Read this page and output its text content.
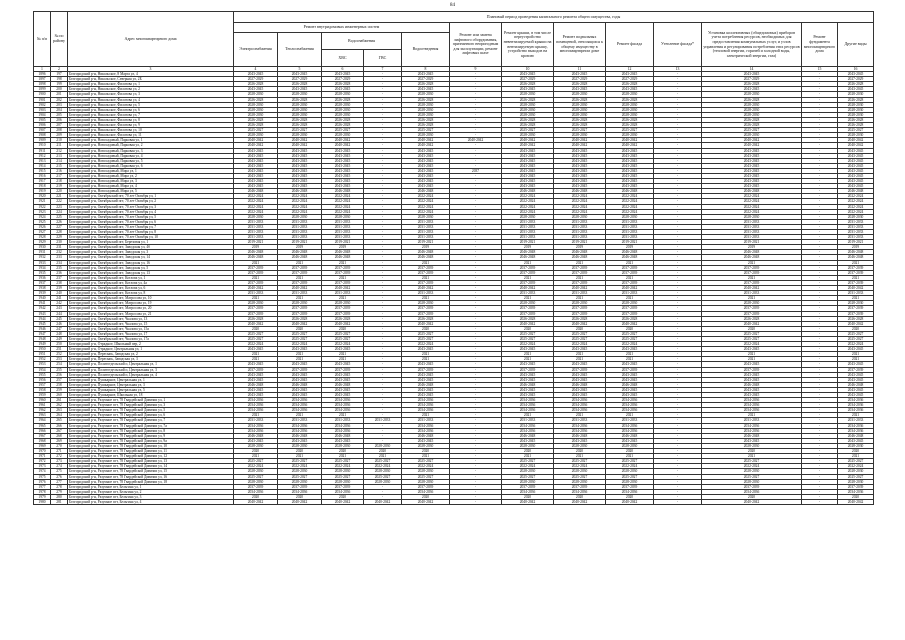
84
№ п/п	№ по району	Адрес многоквартирного дома	Плановый период проведения капитального ремонта общего имущества, годы												
			Ремонт внутридомовых инженерных систем					Ремонт или замена лифтового оборудования, признанного непригодным для эксплуатации, ремонт лифтовых шахт	Ремонт крыши, в том числе переустройство невентилируемой крыши на вентилируемую крышу, устройство выходов на кровлю	Ремонт подвальных помещений, относящихся к общему имуществу в многоквартирном доме	Ремонт фасада	Утепление фасада*	Установка коллективных (общедомовых) приборов учета потребления ресурсов, необходимых для предоставления коммунальных услуг, и узлов управления и регулирования потребления этих ресурсов (тепловой энергии, горячей и холодной воды, электрической энергии, газа)	Ремонт фундамента многоквартирного дома	Другие виды
			Электроснабжения	Теплоснабжения	Водоснабжения		Водоотведения								
					ХВС	ГВС									
1	2	3	4	5	6	7	8	9	10	11	12	13	14	15	16
1896	197	Белгородский р-н, Никольское, 8 Марта ул, 4	2043-2045	2043-2045	2043-2045	-	2043-2045	-	2043-2045	2043-2045	2043-2045	-	2043-2045	-	2043-2045
1897	198	Белгородский р-н, Никольское, Северная ул, 2Б	2027-2029	2027-2029	2027-2029	-	2027-2029	-	2027-2029	2027-2029	2027-2029	-	2027-2029	-	2027-2029
1898	199	Белгородский р-н, Никольское, Филатова ул, 1	2026-2028	2026-2028	2026-2028	-	2026-2028	-	2026-2028	2026-2028	2026-2028	-	2026-2028	-	2026-2028
1899	200	Белгородский р-н, Никольское, Филатова ул, 2	2043-2045	2043-2045	2043-2045	-	2043-2045	-	2043-2045	2043-2045	2043-2045	-	2043-2045	-	2043-2045
1900	201	Белгородский р-н, Никольское, Филатова ул, 3	2028-2030	2028-2030	2028-2030	-	2028-2030	-	2028-2030	2028-2030	2028-2030	-	2028-2030	-	2028-2030
1901	202	Белгородский р-н, Никольское, Филатова ул, 4	2026-2028	2026-2028	2026-2028	-	2026-2028	-	2026-2028	2026-2028	2026-2028	-	2026-2028	-	2026-2028
1902	203	Белгородский р-н, Никольское, Филатова ул, 5	2028-2030	2028-2030	2028-2030	-	2028-2030	-	2028-2030	2028-2030	2028-2030	-	2028-2030	-	2028-2030
1903	204	Белгородский р-н, Никольское, Филатова ул, 6	2028-2030	2028-2030	2028-2030	-	2028-2030	-	2028-2030	2028-2030	2028-2030	-	2028-2030	-	2028-2030
1904	205	Белгородский р-н, Никольское, Филатова ул, 7	2028-2030	2028-2030	2028-2030	-	2028-2030	-	2028-2030	2028-2030	2028-2030	-	2028-2030	-	2028-2030
1905	206	Белгородский р-н, Никольское, Филатова ул, 8	2026-2028	2026-2028	2026-2028	-	2026-2028	-	2026-2028	2026-2028	2026-2028	-	2026-2028	-	2026-2028
1906	207	Белгородский р-н, Никольское, Филатова ул, 9	2026-2028	2026-2028	2026-2028	-	2026-2028	-	2026-2028	2026-2028	2026-2028	-	2026-2028	-	2026-2028
1907	208	Белгородский р-н, Никольское, Филатова ул, 10	2025-2027	2025-2027	2025-2027	-	2025-2027	-	2025-2027	2025-2027	2025-2027	-	2025-2027	-	2025-2027
1908	209	Белгородский р-н, Никольское, Филатова ул, 11	2028-2030	2028-2030	2028-2030	-	2028-2030	-	2028-2030	2028-2030	2028-2030	-	2028-2030	-	2028-2030
1909	210	Белгородский р-н, Новосадовый, Парковая ул, 1	2040-2042	2040-2042	2040-2042	-	2040-2042	2040-2042	2040-2042	2040-2042	2040-2042	-	2040-2042	-	2040-2042
1910	211	Белгородский р-н, Новосадовый, Парковая ул, 2	2040-2042	2040-2042	2040-2042	-	2040-2042	-	2040-2042	2040-2042	2040-2042	-	2040-2042	-	2040-2042
1911	212	Белгородский р-н, Новосадовый, Парковая ул, 3	2043-2045	2043-2045	2043-2045	-	2043-2045	-	2043-2045	2043-2045	2043-2045	-	2043-2045	-	2043-2045
1912	213	Белгородский р-н, Новосадовый, Парковая ул, 4	2043-2045	2043-2045	2043-2045	-	2043-2045	-	2043-2045	2043-2045	2043-2045	-	2043-2045	-	2043-2045
1913	214	Белгородский р-н, Новосадовый, Парковая ул, 5	2043-2045	2043-2045	2043-2045	-	2043-2045	-	2043-2045	2043-2045	2043-2045	-	2043-2045	-	2043-2045
1914	215	Белгородский р-н, Новосадовый, Парковая ул, 6	2043-2045	2043-2045	2043-2045	-	2043-2045	-	2043-2045	2043-2045	2043-2045	-	2043-2045	-	2043-2045
1915	216	Белгородский р-н, Новосадовый, Мира ул, 1	2043-2045	2043-2045	2043-2045	-	2043-2045	2037	2043-2045	2043-2045	2043-2045	-	2043-2045	-	2043-2045
1916	217	Белгородский р-н, Новосадовый, Мира ул, 2	2043-2045	2043-2045	2043-2045	-	2043-2045	-	2043-2045	2043-2045	2043-2045	-	2043-2045	-	2043-2045
1917	218	Белгородский р-н, Новосадовый, Мира ул, 3	2043-2045	2043-2045	2043-2045	-	2043-2045	-	2043-2045	2043-2045	2043-2045	-	2043-2045	-	2043-2045
1918	219	Белгородский р-н, Новосадовый, Мира ул, 4	2043-2045	2043-2045	2043-2045	-	2043-2045	-	2043-2045	2043-2045	2043-2045	-	2043-2045	-	2043-2045
1919	220	Белгородский р-н, Новосадовый, Мира ул, 5	2046-2048	2046-2048	2046-2048	-	2046-2048	-	2046-2048	2046-2048	2046-2048	-	2046-2048	-	2046-2048
1920	221	Белгородский р-н, Октябрьский пгт, 70 лет Октября ул, 1	2022-2024	2022-2024	2022-2024	-	2022-2024	-	2022-2024	2022-2024	2022-2024	-	2022-2024	-	2022-2024
1921	222	Белгородский р-н, Октябрьский пгт, 70 лет Октября ул, 2	2022-2024	2022-2024	2022-2024	-	2022-2024	-	2022-2024	2022-2024	2022-2024	-	2022-2024	-	2022-2024
1922	223	Белгородский р-н, Октябрьский пгт, 70 лет Октября ул, 3	2022-2024	2022-2024	2022-2024	-	2022-2024	-	2022-2024	2022-2024	2022-2024	-	2022-2024	-	2022-2024
1923	224	Белгородский р-н, Октябрьский пгт, 70 лет Октября ул, 4	2022-2024	2022-2024	2022-2024	-	2022-2024	-	2022-2024	2022-2024	2022-2024	-	2022-2024	-	2022-2024
1924	225	Белгородский р-н, Октябрьский пгт, 70 лет Октября ул, 5	2028-2030	2028-2030	2028-2030	-	2028-2030	-	2028-2030	2028-2030	2028-2030	-	2028-2030	-	2028-2030
1925	226	Белгородский р-н, Октябрьский пгт, 70 лет Октября ул, 6	2031-2033	2031-2033	2031-2033	-	2031-2033	-	2031-2033	2031-2033	2031-2033	-	2031-2033	-	2031-2033
1926	227	Белгородский р-н, Октябрьский пгт, 70 лет Октября ул, 7	2031-2033	2031-2033	2031-2033	-	2031-2033	-	2031-2033	2031-2033	2031-2033	-	2031-2033	-	2031-2033
1927	228	Белгородский р-н, Октябрьский пгт, 70 лет Октября ул, 8	2031-2033	2031-2033	2031-2033	-	2031-2033	-	2031-2033	2031-2033	2031-2033	-	2031-2033	-	2031-2033
1928	229	Белгородский р-н, Октябрьский пгт, 70 лет Октября ул, 10	2031-2033	2031-2033	2031-2033	-	2031-2033	-	2031-2033	2031-2033	2031-2033	-	2031-2033	-	2031-2033
1929	230	Белгородский р-н, Октябрьский пгт, Березовая ул, 1	2019-2021	2019-2021	2019-2021	-	2019-2021	-	2019-2021	2019-2021	2019-2021	-	2019-2021	-	2019-2021
1930	231	Белгородский р-н, Октябрьский пгт, Заводская ул, 4б	2019	2019	2019	-	2019	-	2019	2019	2019	-	2019	-	2019
1931	232	Белгородский р-н, Октябрьский пгт, Заводская ул, 3	2046-2048	2046-2048	2046-2048	-	2046-2048	-	2046-2048	2046-2048	2046-2048	-	2046-2048	-	2046-2048
1932	233	Белгородский р-н, Октябрьский пгт, Заводская ул, 14	2046-2048	2046-2048	2046-2048	-	2046-2048	-	2046-2048	2046-2048	2046-2048	-	2046-2048	-	2046-2048
1933	234	Белгородский р-н, Октябрьский пгт, Заводская ул, 16	2021	2021	2021	-	2021	-	2021	2021	2021	-	2021	-	2021
1934	235	Белгородский р-н, Октябрьский пгт, Заводская ул, 5	2037-2039	2037-2039	2037-2039	-	2037-2039	-	2037-2039	2037-2039	2037-2039	-	2037-2039	-	2037-2039
1935	236	Белгородский р-н, Октябрьский пгт, Заводская ул, 13	2037-2039	2037-2039	2037-2039	-	2037-2039	-	2037-2039	2037-2039	2037-2039	-	2037-2039	-	2037-2039
1936	237	Белгородский р-н, Октябрьский пгт, Котлова ул, 1	2021	2021	2021	-	2021	-	2021	2021	2021	-	2021	-	2021
1937	238	Белгородский р-н, Октябрьский пгт, Котлова ул, 4а	2037-2039	2037-2039	2037-2039	-	2037-2039	-	2037-2039	2037-2039	2037-2039	-	2037-2039	-	2037-2039
1938	239	Белгородский р-н, Октябрьский пгт, Котлова ул, 6	2040-2042	2040-2042	2040-2042	-	2040-2042	-	2040-2042	2040-2042	2040-2042	-	2040-2042	-	2040-2042
1939	240	Белгородский р-н, Октябрьский пгт, Котлова ул, 8	2031-2033	2031-2033	2031-2033	-	2031-2033	-	2031-2033	2031-2033	2031-2033	-	2031-2033	-	2031-2033
1940	241	Белгородский р-н, Октябрьский пгт, Матросова ул, 10	2021	2021	2021	-	2021	-	2021	2021	2021	-	2021	-	2021
1941	242	Белгородский р-н, Октябрьский пгт, Матросова ул, 19	2028-2030	2028-2030	2028-2030	-	2028-2030	-	2028-2030	2028-2030	2028-2030	-	2028-2030	-	2028-2030
1942	243	Белгородский р-н, Октябрьский пгт, Матросова ул, 20	2037-2039	2037-2039	2037-2039	-	2037-2039	-	2037-2039	2037-2039	2037-2039	-	2037-2039	-	2037-2039
1943	244	Белгородский р-н, Октябрьский пгт, Матросова ул, 21	2037-2039	2037-2039	2037-2039	-	2037-2039	-	2037-2039	2037-2039	2037-2039	-	2037-2039	-	2037-2039
1944	245	Белгородский р-н, Октябрьский пгт, Чкалова ул, 13	2026-2028	2026-2028	2026-2028	-	2026-2028	-	2026-2028	2026-2028	2026-2028	-	2026-2028	-	2026-2028
1945	246	Белгородский р-н, Октябрьский пгт, Чкалова ул, 15	2040-2042	2040-2042	2040-2042	-	2040-2042	-	2040-2042	2040-2042	2040-2042	-	2040-2042	-	2040-2042
1946	247	Белгородский р-н, Октябрьский пгт, Чкалова ул, 15а	2020	2020	2020	-	2020	-	2020	2020	2020	-	2020	-	2020
1947	248	Белгородский р-н, Октябрьский пгт, Чкалова ул, 17	2025-2027	2025-2027	2025-2027	-	2025-2027	-	2025-2027	2025-2027	2025-2027	-	2025-2027	-	2025-2027
1948	249	Белгородский р-н, Октябрьский пгт, Чкалова ул, 17а	2025-2027	2025-2027	2025-2027	-	2025-2027	-	2025-2027	2025-2027	2025-2027	-	2025-2027	-	2025-2027
1949	250	Белгородский р-н, Отрадное, Школьный пер, 2	2022-2024	2022-2024	2022-2024	-	2022-2024	-	2022-2024	2022-2024	2022-2024	-	2022-2024	-	2022-2024
1950	251	Белгородский р-н, Отрадное, Центральная ул, 1	2043-2045	2043-2045	2043-2045	-	2043-2045	-	2043-2045	2043-2045	2043-2045	-	2043-2045	-	2043-2045
1951	252	Белгородский р-н, Пересыпь, Заводская ул, 2	2021	2021	2021	-	2021	-	2021	2021	2021	-	2021	-	2021
1952	253	Белгородский р-н, Пересыпь, Заводская ул, 3	2021	2021	2021	-	2021	-	2021	2021	2021	-	2021	-	2021
1953	254	Белгородский р-н, Политотдельский п, Центральная ул, 1	2043-2045	2043-2045	2043-2045	-	2043-2045	-	2043-2045	2043-2045	2043-2045	-	2043-2045	-	2043-2045
1954	255	Белгородский р-н, Политотдельский п, Центральная ул, 3	2037-2039	2037-2039	2037-2039	-	2037-2039	-	2037-2039	2037-2039	2037-2039	-	2037-2039	-	2037-2039
1955	256	Белгородский р-н, Политотдельский п, Центральная ул, 4	2043-2045	2043-2045	2043-2045	-	2043-2045	-	2043-2045	2043-2045	2043-2045	-	2043-2045	-	2043-2045
1956	257	Белгородский р-н, Пушкарное, Центральная ул, 1	2043-2045	2043-2045	2043-2045	-	2043-2045	-	2043-2045	2043-2045	2043-2045	-	2043-2045	-	2043-2045
1957	258	Белгородский р-н, Пушкарное, Центральная ул, 3	2046-2048	2046-2048	2046-2048	-	2046-2048	-	2046-2048	2046-2048	2046-2048	-	2046-2048	-	2046-2048
1958	259	Белгородский р-н, Пушкарное, Центральная ул, 5	2043-2045	2043-2045	2043-2045	-	2043-2045	-	2043-2045	2043-2045	2043-2045	-	2043-2045	-	2043-2045
1959	260	Белгородский р-н, Пушкарное, Школьная ул, 18	2043-2045	2043-2045	2043-2045	-	2043-2045	-	2043-2045	2043-2045	2043-2045	-	2043-2045	-	2043-2045
1960	261	Белгородский р-н, Разумное пгт, 78 Гвардейской Дивизии ул, 1	2034-2036	2034-2036	2034-2036	-	2034-2036	-	2034-2036	2034-2036	2034-2036	-	2034-2036	-	2034-2036
1961	262	Белгородский р-н, Разумное пгт, 78 Гвардейской Дивизии ул, 3	2034-2036	2034-2036	2034-2036	-	2034-2036	-	2034-2036	2034-2036	2034-2036	-	2034-2036	-	2034-2036
1962	263	Белгородский р-н, Разумное пгт, 78 Гвардейской Дивизии ул, 5	2034-2036	2034-2036	2034-2036	-	2034-2036	-	2034-2036	2034-2036	2034-2036	-	2034-2036	-	2034-2036
1963	264	Белгородский р-н, Разумное пгт, 78 Гвардейской Дивизии ул, 6	2021	2021	2021	-	2021	-	2021	2021	2021	-	2021	-	2021
1964	265	Белгородский р-н, Разумное пгт, 78 Гвардейской Дивизии ул, 7	2031-2033	2031-2033	2031-2033	2031-2033	2031-2033	-	2031-2033	2031-2033	2031-2033	-	2031-2033	-	2031-2033
1965	266	Белгородский р-н, Разумное пгт, 78 Гвардейской Дивизии ул, 7а	2034-2036	2034-2036	2034-2036	-	2034-2036	-	2034-2036	2034-2036	2034-2036	-	2034-2036	-	2034-2036
1966	267	Белгородский р-н, Разумное пгт, 78 Гвардейской Дивизии ул, 8	2034-2036	2034-2036	2034-2036	-	2034-2036	-	2034-2036	2034-2036	2034-2036	-	2034-2036	-	2034-2036
1967	268	Белгородский р-н, Разумное пгт, 78 Гвардейской Дивизии ул, 9	2046-2048	2046-2048	2046-2048	-	2046-2048	-	2046-2048	2046-2048	2046-2048	-	2046-2048	-	2046-2048
1968	269	Белгородский р-н, Разумное пгт, 78 Гвардейской Дивизии ул, 9а	2043-2045	2043-2045	2043-2045	-	2043-2045	-	2043-2045	2043-2045	2043-2045	-	2043-2045	-	2043-2045
1969	270	Белгородский р-н, Разумное пгт, 78 Гвардейской Дивизии ул, 10	2028-2030	2028-2030	2028-2030	2028-2030	2028-2030	-	2028-2030	2028-2030	2028-2030	-	2028-2030	-	2028-2030
1970	271	Белгородский р-н, Разумное пгт, 78 Гвардейской Дивизии ул, 11	2020	2020	2020	2020	2020	-	2020	2020	2020	-	2020	-	2020
1971	272	Белгородский р-н, Разумное пгт, 78 Гвардейской Дивизии ул, 12	2021	2021	2021	2021	2021	-	2021	2021	2021	-	2021	-	2021
1972	273	Белгородский р-н, Разумное пгт, 78 Гвардейской Дивизии ул, 13	2025-2027	2025-2027	2025-2027	2025-2027	2025-2027	-	2025-2027	2025-2027	2025-2027	-	2025-2027	-	2025-2027
1973	274	Белгородский р-н, Разумное пгт, 78 Гвардейской Дивизии ул, 14	2022-2024	2022-2024	2022-2024	2022-2024	2022-2024	-	2022-2024	2022-2024	2022-2024	-	2022-2024	-	2022-2024
1974	275	Белгородский р-н, Разумное пгт, 78 Гвардейской Дивизии ул, 15	2028-2030	2028-2030	2028-2030	2028-2030	2028-2030	-	2028-2030	2028-2030	2028-2030	-	2028-2030	-	2028-2030
1975	276	Белгородский р-н, Разумное пгт, 78 Гвардейской Дивизии ул, 16	2025-2027	2025-2027	2025-2027	2025-2027	2025-2027	-	2025-2027	2025-2027	2025-2027	-	2025-2027	-	2025-2027
1976	277	Белгородский р-н, Разумное пгт, 78 Гвардейской Дивизии ул, 18	2028-2030	2028-2030	2028-2030	2028-2030	2028-2030	-	2028-2030	2028-2030	2028-2030	-	2028-2030	-	2028-2030
1977	278	Белгородский р-н, Разумное пгт, Бельгина ул, 1	2037-2039	2037-2039	2037-2039	-	2037-2039	-	2037-2039	2037-2039	2037-2039	-	2037-2039	-	2037-2039
1978	279	Белгородский р-н, Разумное пгт, Бельгина ул, 2	2034-2036	2034-2036	2034-2036	-	2034-2036	-	2034-2036	2034-2036	2034-2036	-	2034-2036	-	2034-2036
1979	280	Белгородский р-н, Разумное пгт, Бельгина ул, 3	2020	2020	2020	-	2020	-	2020	2020	2020	-	2020	-	2020
1980	281	Белгородский р-н, Разумное пгт, Бельгина ул, 4	2040-2042	2040-2042	2040-2042	2040-2042	2040-2042	-	2040-2042	2040-2042	2040-2042	-	2040-2042	-	2040-2042
